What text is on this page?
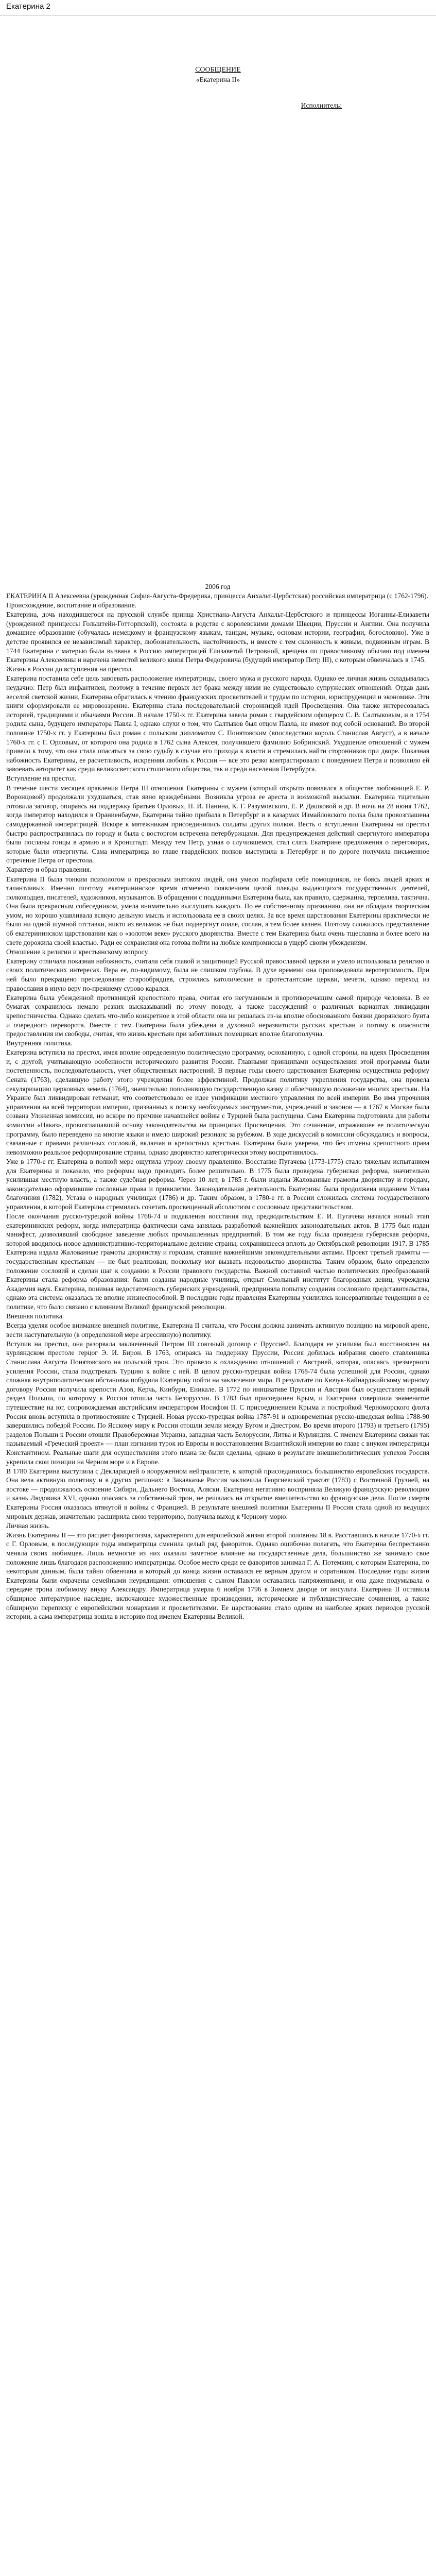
Екатерина 2
СООБЩЕНИЕ
«Екатерина II»
Исполнитель:

2006 год

ЕКАТЕРИНА II Алексеевна (урожденная София-Августа-Фредерика, принцесса Анхальт-Цербстская) российская императрица (с 1762-1796).

Происхождение, воспитание и образование.

Екатерина, дочь находившегося на прусской службе принца Христиана-Августа Анхальт-Цербстского и принцессы Иоганны-Елизаветы (урожденной принцессы Гольштейн-Готторпской), состояла в родстве с королевскими домами Швеции, Пруссии и Англии. Она получила домашнее образование (обучалась немецкому и французскому языкам, танцам, музыке, основам истории, географии, богословию). Уже в детстве проявился ее независимый характер, любознательность, настойчивость, и вместе с тем склонность к живым, подвижным играм. В 1744 Екатерина с матерью была вызвана в Россию императрицей Елизаветой Петровной, крещена по православному обычаю под именем Екатерины Алексеевны и наречена невестой великого князя Петра Федоровича (будущий император Петр III), с которым обвенчалась в 1745.

Жизнь в России до вступления на престол.

Екатерина поставила себе цель завоевать расположение императрицы, своего мужа и русского народа. Однако ее личная жизнь складывалась неудачно: Петр был инфантилен, поэтому в течение первых лет брака между ними не существовало супружеских отношений. Отдав дань веселой светской жизни, Екатерина обратилась к чтению французских просветителей и трудам по истории, юриспруденции и экономике. Эти книги сформировали ее мировоззрение. Екатерина стала последовательной сторонницей идей Просвещения. Она также интересовалась историей, традициями и обычаями России. В начале 1750-х гг. Екатерина завела роман с гвардейским офицером С. В. Салтыковым, и в 1754 родила сына, будущего императора Павла I, однако слухи о том, что Салтыков был отцом Павла, не имеют под собой оснований. Во второй половине 1750-х гг. у Екатерины был роман с польским дипломатом С. Понятовским (впоследствии король Станислав Август), а в начале 1760-х гг. с Г. Орловым, от которого она родила в 1762 сына Алексея, получившего фамилию Бобринский. Ухудшение отношений с мужем привело к тому, что она стала опасаться за свою судьбу в случае его прихода к власти и стремилась найти сторонников при дворе. Показная набожность Екатерины, ее расчетливость, искренняя любовь к России — все это резко контрастировало с поведением Петра и позволило ей завоевать авторитет как среди великосветского столичного общества, так и среди населения Петербурга.

Вступление на престол.

В течение шести месяцев правления Петра III отношения Екатерины с мужем (который открыто появлялся в обществе любовницей Е. Р. Воронцовой) продолжали ухудшаться, став явно враждебными. Возникла угроза ее ареста и возможной высылки. Екатерина тщательно готовила заговор, опираясь на поддержку братьев Орловых, Н. И. Панина, К. Г. Разумовского, Е. Р. Дашковой и др. В ночь на 28 июня 1762, когда император находился в Ораниенбауме, Екатерина тайно прибыла в Петербург и в казармах Измайловского полка была провозглашена самодержавной императрицей. Вскоре к мятежникам присоединились солдаты других полков. Весть о вступлении Екатерины на престол быстро распространилась по городу и была с восторгом встречена петербуржцами. Для предупреждения действий свергнутого императора были посланы гонцы в армию и в Кронштадт. Между тем Петр, узнав о случившемся, стал слать Екатерине предложения о переговорах, которые были отвергнуты. Сама императрица во главе гвардейских полков выступила в Петербург и по дороге получила письменное отречение Петра от престола.

Характер и образ правления.

Екатерина II была тонким психологом и прекрасным знатоком людей, она умело подбирала себе помощников, не боясь людей ярких и талантливых. Именно поэтому екатерининское время отмечено появлением целой плеяды выдающихся государственных деятелей, полководцев, писателей, художников, музыкантов. В обращении с подданными Екатерина была, как правило, сдержанна, терпелива, тактична. Она была прекрасным собеседником, умела внимательно выслушать каждого. По ее собственному признанию, она не обладала творческим умом, но хорошо улавливала всякую дельную мысль и использовала ее в своих целях. За все время царствования Екатерины практически не было ни одной шумной отставки, никто из вельмож не был подвергнут опале, сослан, а тем более казнен. Поэтому сложилось представление об екатерининском царствовании как о «золотом веке» русского дворянства. Вместе с тем Екатерина была очень тщеславна и более всего на свете дорожила своей властью. Ради ее сохранения она готова пойти на любые компромиссы в ущерб своим убеждениям.

Отношение к религии и крестьянскому вопросу.

Екатерину отличала показная набожность, считала себя главой и защитницей Русской православной церкви и умело использовала религию в своих политических интересах. Вера ее, по-видимому, была не слишком глубока. В духе времени она проповедовала веротерпимость. При ней было прекращено преследование старообрядцев, строились католические и протестантские церкви, мечети, однако переход из православия в иную веру по-прежнему сурово карался.

Екатерина была убежденной противницей крепостного права, считая его негуманным и противоречащим самой природе человека. В ее бумагах сохранилось немало резких высказываний по этому поводу, а также рассуждений о различных вариантах ликвидации крепостничества. Однако сделать что-либо конкретное в этой области она не решалась из-за вполне обоснованного боязни дворянского бунта и очередного переворота. Вместе с тем Екатерина была убеждена в духовной неразвитости русских крестьян и потому в опасности предоставления им свободы, считая, что жизнь крестьян при заботливых помещиках вполне благополучна.

Внутренняя политика.

Екатерина вступила на престол, имея вполне определенную политическую программу, основанную, с одной стороны, на идеях Просвещения и, с другой, учитывающую особенности исторического развития России. Главными принципами осуществления этой программы были постепенность, последовательность, учет общественных настроений. В первые годы своего царствования Екатерина осуществила реформу Сената (1763), сделавшую работу этого учреждения более эффективной. Продолжая политику укрепления государства, она провела секуляризацию церковных земель (1764), значительно пополнившую государственную казну и облегчившую положение многих крестьян. На Украине был ликвидирован гетманат, что соответствовало ее идее унификации местного управления по всей империи. Во имя упрочения управления на всей территории империи, призванных к поиску необходимых инструментов, учреждений и законов — в 1767 в Москве была созвана Уложенная комиссия, но вскоре по причине начавшейся войны с Турцией была распущена. Сама Екатерина подготовила для работы комиссии «Наказ», провозглашавший основу законодательства на принципах Просвещения. Это сочинение, отражавшее ее политическую программу, было переведено на многие языки и имело широкий резонанс за рубежом. В ходе дискуссий в комиссии обсуждались и вопросы, связанные с правами различных сословий, включая и крепостных крестьян. Екатерина была уверена, что без отмены крепостного права невозможно реальное реформирование страны, однако дворянство категорически этому воспротивилось.

Уже в 1770-е гг. Екатерина в полной мере ощутила угрозу своему правлению. Восстание Пугачева (1773-1775) стало тяжелым испытанием для Екатерины и показало, что реформы надо проводить более решительно. В 1775 была проведена губернская реформа, значительно усилившая местную власть, а также судебная реформа. Через 10 лет, в 1785 г. были изданы Жалованные грамоты дворянству и городам, законодательно оформившие сословные права и привилегии. Законодательная деятельность Екатерины была продолжена изданием Устава благочиния (1782), Устава о народных училищах (1786) и др. Таким образом, в 1780-е гг. в России сложилась система государственного управления, в которой Екатерина стремилась сочетать просвещенный абсолютизм с сословным представительством.

После окончания русско-турецкой войны 1768-74 и подавления восстания под предводительством Е. И. Пугачева начался новый этап екатерининских реформ, когда императрица фактически сама занялась разработкой важнейших законодательных актов. В 1775 был издан манифест, дозволявший свободное заведение любых промышленных предприятий. В том же году была проведена губернская реформа, которой вводилось новое административно-территориальное деление страны, сохранявшееся вплоть до Октябрьской революции 1917. В 1785 Екатерина издала Жалованные грамоты дворянству и городам, ставшие важнейшими законодательными актами. Проект третьей грамоты — государственным крестьянам — не был реализован, поскольку мог вызвать недовольство дворянства. Таким образом, было определено положение сословий и сделан шаг к созданию в России правового государства. Важной составной частью политических преобразований Екатерины стала реформа образования: были созданы народные училища, открыт Смольный институт благородных девиц, учреждена Академия наук. Екатерина, понимая недостаточность губернских учреждений, предприняла попытку создания сословного представительства, однако эта система оказалась не вполне жизнеспособной. В последние годы правления Екатерины усилились консервативные тенденции в ее политике, что было связано с влиянием Великой французской революции.

Внешняя политика.

Всегда уделяя особое внимание внешней политике, Екатерина II считала, что Россия должна занимать активную позицию на мировой арене, вести наступательную (в определенной мере агрессивную) политику.

Вступив на престол, она разорвала заключенный Петром III союзный договор с Пруссией. Благодаря ее усилиям был восстановлен на курляндском престоле герцог Э. И. Бирон. В 1763, опираясь на поддержку Пруссии, Россия добилась избрания своего ставленника Станислава Августа Понятовского на польский трон. Это привело к охлаждению отношений с Австрией, которая, опасаясь чрезмерного усиления России, стала подстрекать Турцию к войне с ней. В целом русско-турецкая война 1768-74 была успешной для России, однако сложная внутриполитическая обстановка побудила Екатерину пойти на заключение мира. В результате по Кючук-Кайнарджийскому мирному договору Россия получила крепости Азов, Керчь, Кинбурн, Еникале. В 1772 по инициативе Пруссии и Австрии был осуществлен первый раздел Польши, по которому к России отошла часть Белоруссии. В 1783 был присоединен Крым, и Екатерина совершила знаменитое путешествие на юг, сопровождаемая австрийским императором Иосифом II. С присоединением Крыма и постройкой Черноморского флота Россия вновь вступила в противостояние с Турцией. Новая русско-турецкая война 1787-91 и одновременная русско-шведская война 1788-90 завершились победой России. По Ясскому миру к России отошли земли между Бугом и Днестром. Во время второго (1793) и третьего (1795) разделов Польши к России отошли Правобережная Украина, западная часть Белоруссии, Литва и Курляндия. С именем Екатерины связан так называемый «Греческий проект» — план изгнания турок из Европы и восстановления Византийской империи во главе с внуком императрицы Константином. Реальные шаги для осуществления этого плана не были сделаны, однако в результате внешнеполитических успехов Россия укрепила свои позиции на Черном море и в Европе.

В 1780 Екатерина выступила с Декларацией о вооруженном нейтралитете, к которой присоединилось большинство европейских государств. Она вела активную политику и в других регионах: в Закавказье Россия заключила Георгиевский трактат (1783) с Восточной Грузией, на востоке — продолжалось освоение Сибири, Дальнего Востока, Аляски. Екатерина негативно восприняла Великую французскую революцию и казнь Людовика XVI, однако опасаясь за собственный трон, не решалась на открытое вмешательство во французские дела. После смерти Екатерины Россия оказалась втянутой в войны с Францией. В результате внешней политики Екатерины II Россия стала одной из ведущих мировых держав, значительно расширила свою территорию, получила выход к Черному морю.

Личная жизнь.

Жизнь Екатерины II — это расцвет фаворитизма, характерного для европейской жизни второй половины 18 в. Расставшись в начале 1770-х гг. с Г. Орловым, в последующие годы императрица сменила целый ряд фаворитов. Однако ошибочно полагать, что Екатерина беспрестанно меняла своих любимцев. Лишь немногие из них оказали заметное влияние на государственные дела, большинство же занимало свое положение лишь благодаря расположению императрицы. Особое место среди ее фаворитов занимал Г. А. Потемкин, с которым Екатерина, по некоторым данным, была тайно обвенчана и который до конца жизни оставался ее верным другом и соратником. Последние годы жизни Екатерины были омрачены семейными неурядицами: отношения с сыном Павлом оставались напряженными, и она даже подумывала о передаче трона любимому внуку Александру. Императрица умерла 6 ноября 1796 в Зимнем дворце от инсульта. Екатерина II оставила обширное литературное наследие, включающее художественные произведения, исторические и публицистические сочинения, а также обширную переписку с европейскими монархами и просветителями. Ее царствование стало одним из наиболее ярких периодов русской истории, а сама императрица вошла в историю под именем Екатерины Великой.
